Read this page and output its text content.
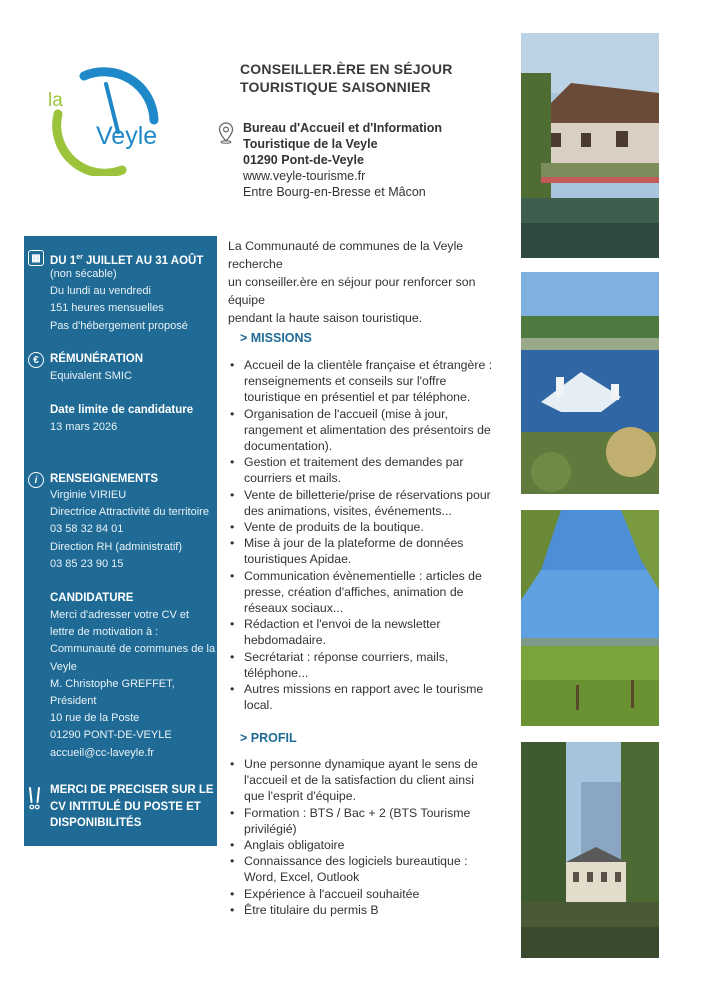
la
Veyle
CONSEILLER.ÈRE EN SÉJOUR
TOURISTIQUE SAISONNIER
Bureau d'Accueil et d'Information
Touristique de la Veyle
01290 Pont-de-Veyle
www.veyle-tourisme.fr
Entre Bourg-en-Bresse et Mâcon
La Communauté de communes de la Veyle recherche
un conseiller.ère en séjour pour renforcer son équipe
pendant la haute saison touristique.
▦ DU 1er JUILLET AU 31 AOÛT
(non sécable)
Du lundi au vendredi
151 heures mensuelles
Pas d'hébergement proposé
€ RÉMUNÉRATION
Equivalent SMIC
Date limite de candidature
13 mars 2026
i	RENSEIGNEMENTS
Virginie VIRIEU
Directrice Attractivité du territoire
03 58 32 84 01
Direction RH (administratif)
03 85 23 90 15
CANDIDATURE
Merci d'adresser votre CV et
lettre de motivation à :
Communauté de communes de la
Veyle
M. Christophe GREFFET,
Président
10 rue de la Poste
01290 PONT-DE-VEYLE
accueil@cc-laveyle.fr
MERCI DE PRECISER SUR LE
CV INTITULÉ DU POSTE ET
DISPONIBILITÉS
> MISSIONS
• Accueil de la clientèle française et étrangère : renseignements et conseils sur l'offre touristique en présentiel et par téléphone.
• Organisation de l'accueil (mise à jour, rangement et alimentation des présentoirs de documentation).
• Gestion et traitement des demandes par courriers et mails.
• Vente de billetterie/prise de réservations pour des animations, visites, événements...
• Vente de produits de la boutique.
• Mise à jour de la plateforme de données touristiques Apidae.
• Communication évènementielle : articles de presse, création d'affiches, animation de réseaux sociaux...
• Rédaction et l'envoi de la newsletter hebdomadaire.
• Secrétariat : réponse courriers, mails, téléphone...
• Autres missions en rapport avec le tourisme local.
> PROFIL
• Une personne dynamique ayant le sens de l'accueil et de la satisfaction du client ainsi que l'esprit d'équipe.
• Formation : BTS / Bac + 2 (BTS Tourisme privilégié)
• Anglais obligatoire
• Connaissance des logiciels bureautique : Word, Excel, Outlook
• Expérience à l'accueil souhaitée
• Être titulaire du permis B
